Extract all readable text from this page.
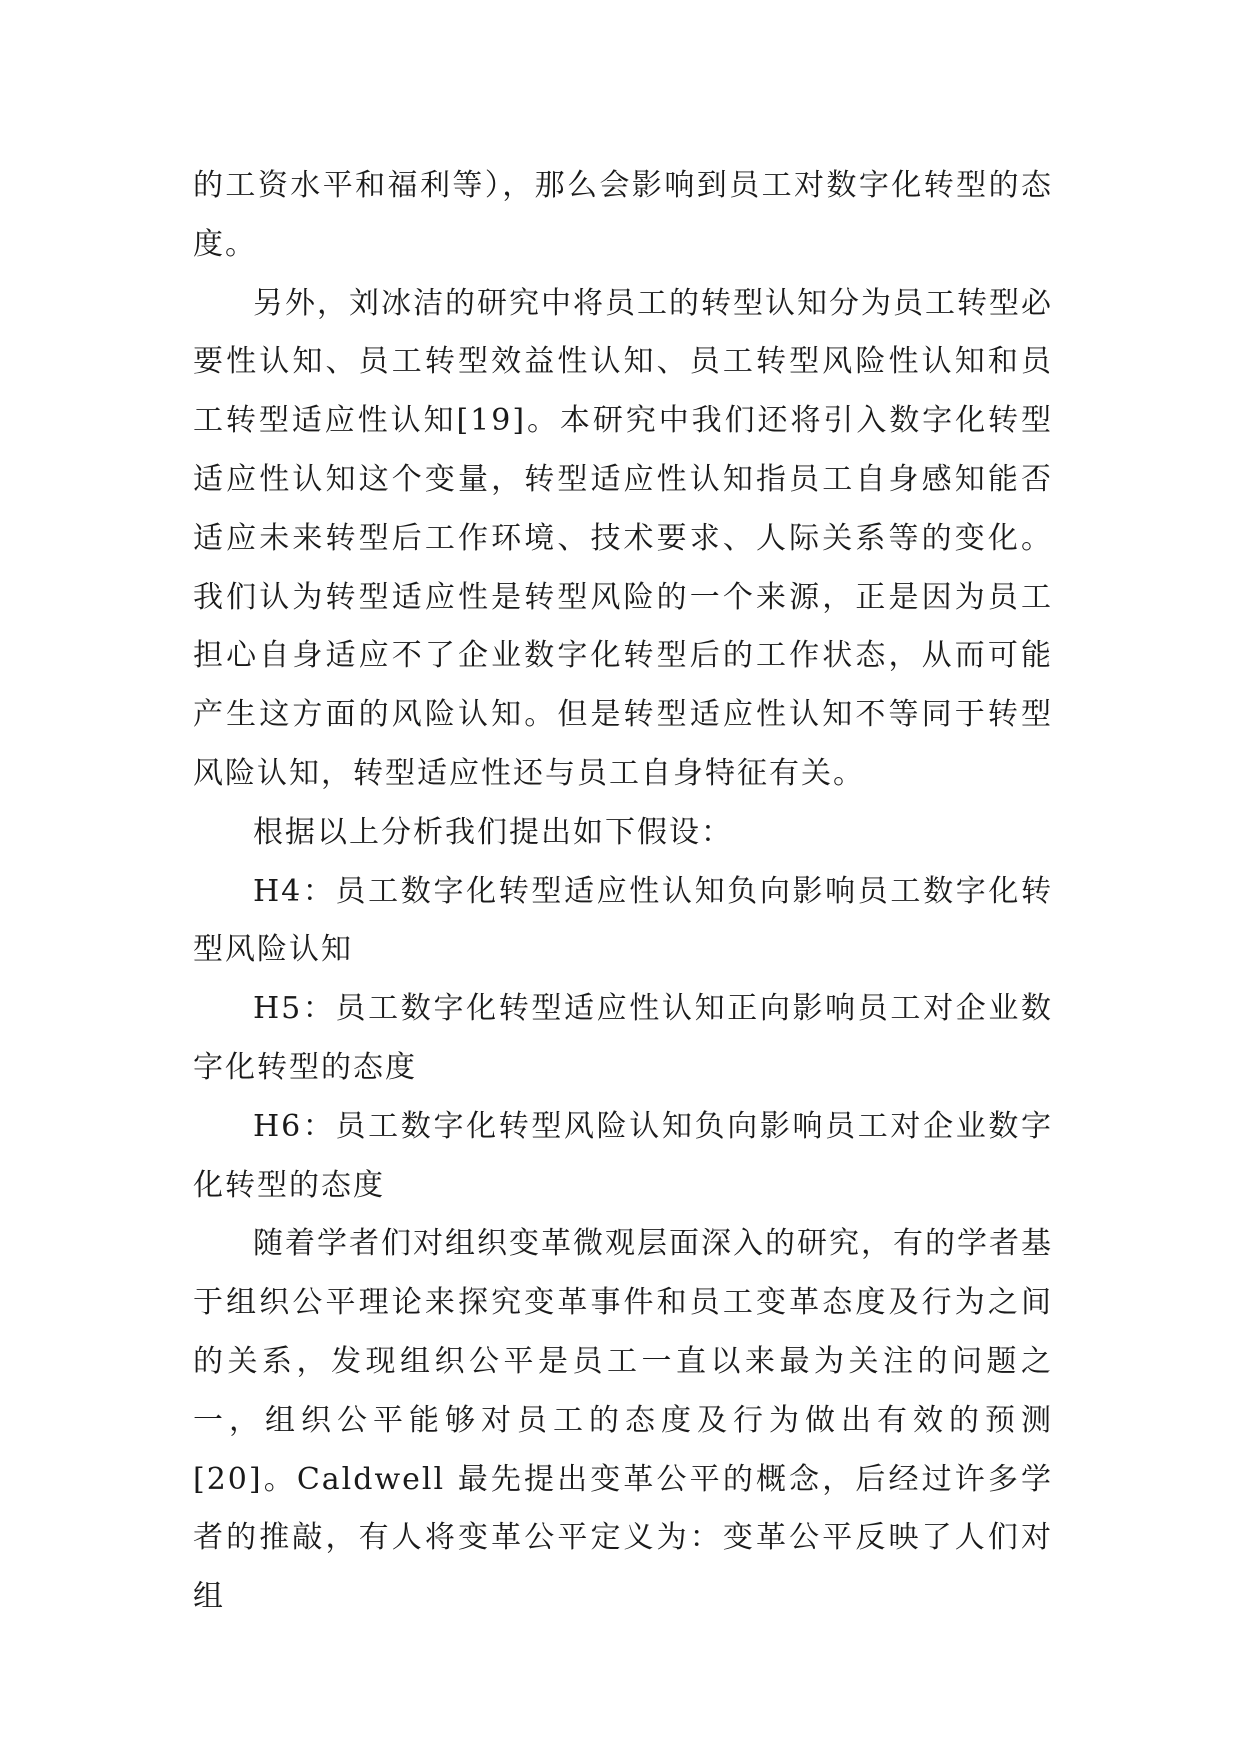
的工资水平和福利等），那么会影响到员工对数字化转型的态度。

另外，刘冰洁的研究中将员工的转型认知分为员工转型必要性认知、员工转型效益性认知、员工转型风险性认知和员工转型适应性认知[19]。本研究中我们还将引入数字化转型适应性认知这个变量，转型适应性认知指员工自身感知能否适应未来转型后工作环境、技术要求、人际关系等的变化。我们认为转型适应性是转型风险的一个来源，正是因为员工担心自身适应不了企业数字化转型后的工作状态，从而可能产生这方面的风险认知。但是转型适应性认知不等同于转型风险认知，转型适应性还与员工自身特征有关。

根据以上分析我们提出如下假设：

H4：员工数字化转型适应性认知负向影响员工数字化转型风险认知

H5：员工数字化转型适应性认知正向影响员工对企业数字化转型的态度

H6：员工数字化转型风险认知负向影响员工对企业数字化转型的态度

随着学者们对组织变革微观层面深入的研究，有的学者基于组织公平理论来探究变革事件和员工变革态度及行为之间的关系，发现组织公平是员工一直以来最为关注的问题之一，组织公平能够对员工的态度及行为做出有效的预测[20]。Caldwell 最先提出变革公平的概念，后经过许多学者的推敲，有人将变革公平定义为：变革公平反映了人们对组
